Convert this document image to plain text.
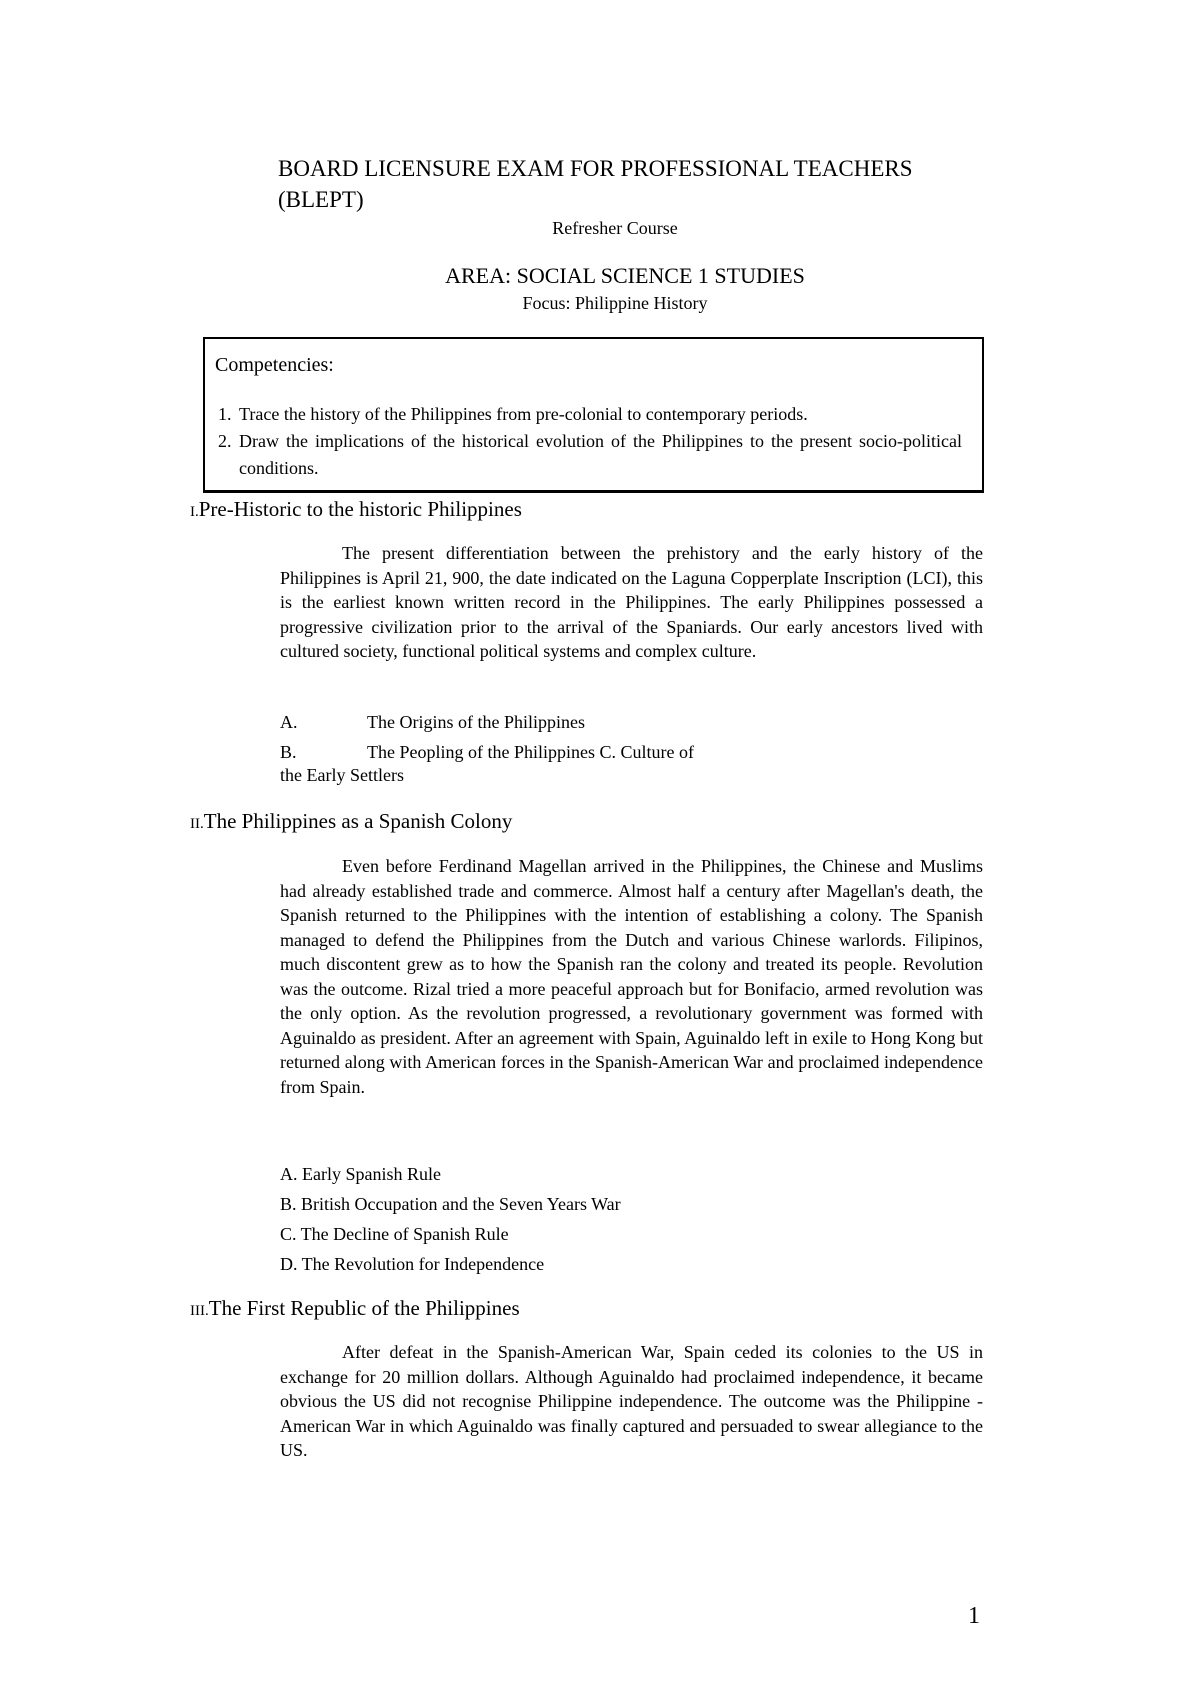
BOARD LICENSURE EXAM FOR PROFESSIONAL TEACHERS (BLEPT)
Refresher Course
AREA: SOCIAL SCIENCE 1 STUDIES
Focus: Philippine History
Competencies:
1. Trace the history of the Philippines from pre-colonial to contemporary periods.
2. Draw the implications of the historical evolution of the Philippines to the present socio-political conditions.
I.Pre-Historic to the historic Philippines
The present differentiation between the prehistory and the early history of the Philippines is April 21, 900, the date indicated on the Laguna Copperplate Inscription (LCI), this is the earliest known written record in the Philippines. The early Philippines possessed a progressive civilization prior to the arrival of the Spaniards. Our early ancestors lived with cultured society, functional political systems and complex culture.
A.	The Origins of the Philippines
B.	The Peopling of the Philippines C. Culture of
the Early Settlers
II.The Philippines as a Spanish Colony
Even before Ferdinand Magellan arrived in the Philippines, the Chinese and Muslims had already established trade and commerce. Almost half a century after Magellan's death, the Spanish returned to the Philippines with the intention of establishing a colony. The Spanish managed to defend the Philippines from the Dutch and various Chinese warlords. Filipinos, much discontent grew as to how the Spanish ran the colony and treated its people. Revolution was the outcome. Rizal tried a more peaceful approach but for Bonifacio, armed revolution was the only option. As the revolution progressed, a revolutionary government was formed with Aguinaldo as president. After an agreement with Spain, Aguinaldo left in exile to Hong Kong but returned along with American forces in the Spanish-American War and proclaimed independence from Spain.
A. Early Spanish Rule
B. British Occupation and the Seven Years War
C. The Decline of Spanish Rule
D. The Revolution for Independence
III.The First Republic of the Philippines
After defeat in the Spanish-American War, Spain ceded its colonies to the US in exchange for 20 million dollars. Although Aguinaldo had proclaimed independence, it became obvious the US did not recognise Philippine independence. The outcome was the Philippine - American War in which Aguinaldo was finally captured and persuaded to swear allegiance to the US.
1
